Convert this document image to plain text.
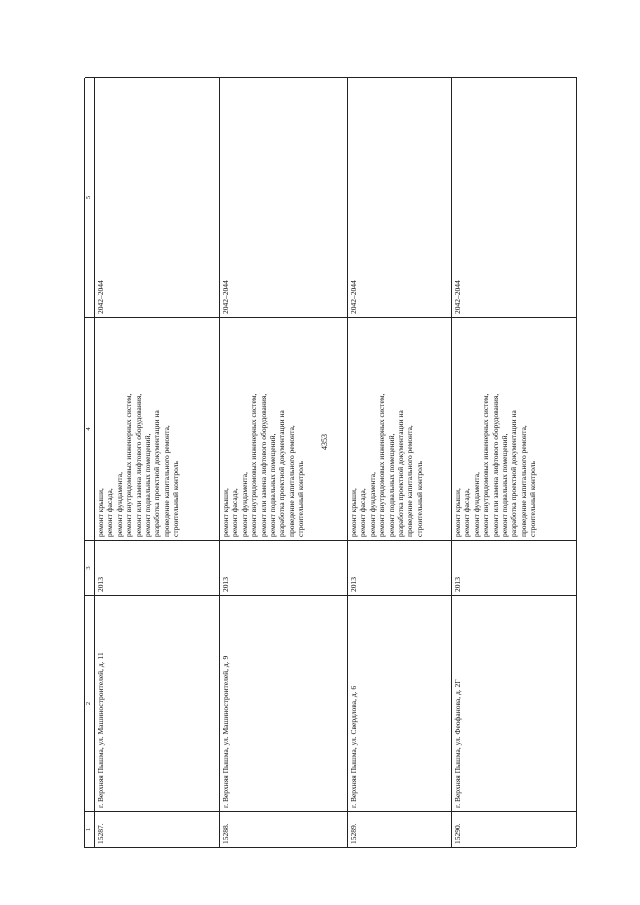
4353
1
2
3
4
5
15287.
г. Верхняя Пышма, ул. Машиностроителей, д. 11
2013
ремонт крыши, ремонт фасада, ремонт фундамента, ремонт внутридомовых инженерных систем, ремонт или замена лифтового оборудования, ремонт подвальных помещений, разработка проектной документации на проведение капитального ремонта, строительный контроль
2042–2044
15288.
г. Верхняя Пышма, ул. Машиностроителей, д. 9
2013
ремонт крыши, ремонт фасада, ремонт фундамента, ремонт внутридомовых инженерных систем, ремонт или замена лифтового оборудования, ремонт подвальных помещений, разработка проектной документации на проведение капитального ремонта, строительный контроль
2042–2044
15289.
г. Верхняя Пышма, ул. Свердлова, д. 6
2013
ремонт крыши, ремонт фасада, ремонт фундамента, ремонт внутридомовых инженерных систем, ремонт подвальных помещений, разработка проектной документации на проведение капитального ремонта, строительный контроль
2042–2044
15290.
г. Верхняя Пышма, ул. Феофанова, д. 2Г
2013
ремонт крыши, ремонт фасада, ремонт фундамента, ремонт внутридомовых инженерных систем, ремонт или замена лифтового оборудования, ремонт подвальных помещений, разработка проектной документации на проведение капитального ремонта, строительный контроль
2042–2044
